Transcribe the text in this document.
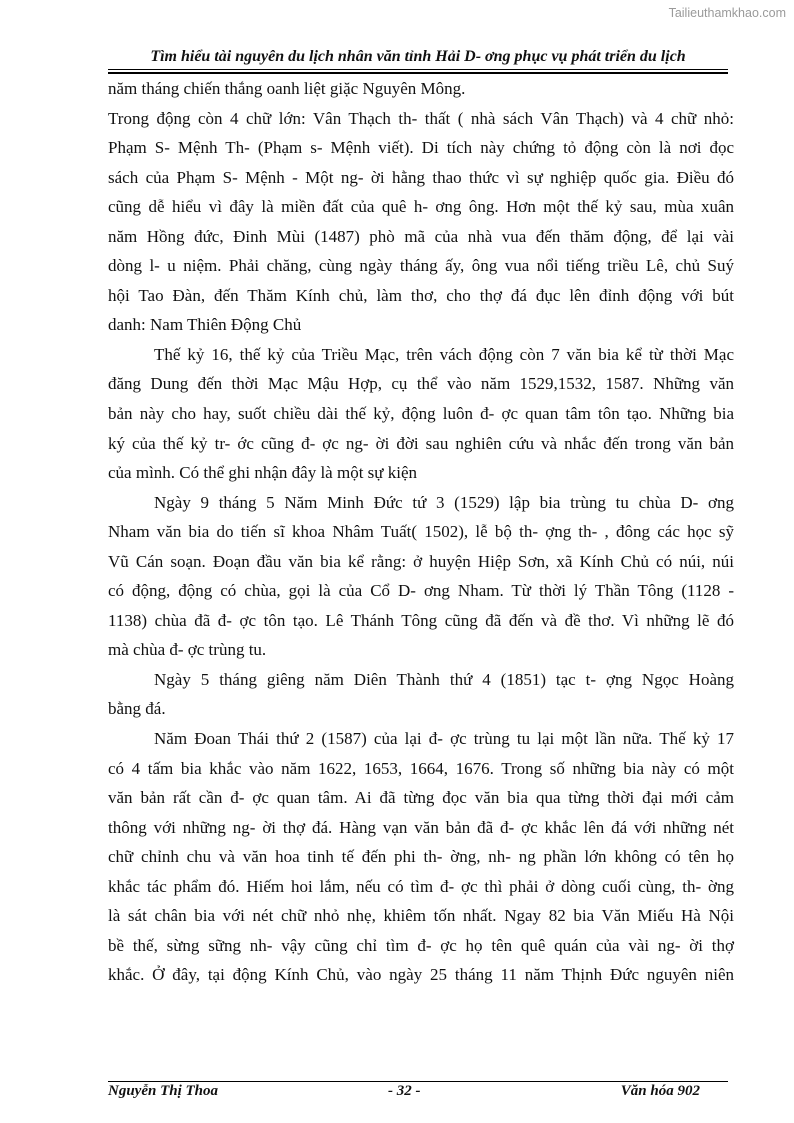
Tailieuthamkhao.com
Tìm hiểu tài nguyên du lịch nhân văn tỉnh Hải D- ơng phục vụ phát triển du lịch
năm tháng chiến thắng oanh liệt giặc Nguyên Mông.
Trong động còn 4 chữ lớn: Vân Thạch th- thất ( nhà sách Vân Thạch) và 4 chữ nhỏ:
Phạm S- Mệnh Th- (Phạm s- Mệnh viết). Di tích này chứng tỏ động còn là nơi đọc
sách của Phạm S- Mệnh - Một ng- ời hằng thao thức vì sự nghiệp quốc gia. Điều đó
cũng dễ hiểu vì đây là miền đất của quê h- ơng ông. Hơn một thế kỷ sau, mùa xuân
năm Hồng đức, Đinh Mùi (1487) phò mã của nhà vua đến thăm động, để lại vài
dòng l- u niệm. Phải chăng, cùng ngày tháng ấy, ông vua nổi tiếng triều Lê, chủ Suý
hội Tao Đàn, đến Thăm Kính chủ, làm thơ, cho thợ đá đục lên đỉnh động với bút
danh: Nam Thiên Động Chủ
Thế kỷ 16, thế kỷ của Triều Mạc, trên vách động còn 7 văn bia kể từ thời Mạc
đăng Dung đến thời Mạc Mậu Hợp, cụ thể vào năm 1529,1532, 1587. Những văn
bản này cho hay, suốt chiều dài thế kỷ, động luôn đ- ợc quan tâm tôn tạo. Những bia
ký của thế kỷ tr- ớc cũng đ- ợc ng- ời đời sau nghiên cứu và nhắc đến trong văn bản
của mình. Có thể ghi nhận đây là một sự kiện
Ngày 9 tháng 5 Năm Minh Đức tứ 3 (1529) lập bia trùng tu chùa D- ơng
Nham văn bia do tiến sĩ khoa Nhâm Tuất( 1502), lễ bộ th- ợng th- , đông các học sỹ
Vũ Cán soạn. Đoạn đầu văn bia kể rằng: ở huyện Hiệp Sơn, xã Kính Chủ có núi, núi
có động, động có chùa, gọi là của Cổ D- ơng Nham. Từ thời lý Thần Tông (1128 -
1138) chùa đã đ- ợc tôn tạo. Lê Thánh Tông cũng đã đến và đề thơ. Vì những lẽ đó
mà chùa đ- ợc trùng tu.
Ngày 5 tháng giêng năm Diên Thành thứ 4 (1851) tạc t- ợng Ngọc Hoàng
bằng đá.
Năm Đoan Thái thứ 2 (1587) của lại đ- ợc trùng tu lại một lần nữa. Thế kỷ 17
có 4 tấm bia khắc vào năm 1622, 1653, 1664, 1676. Trong số những bia này có một
văn bản rất cần đ- ợc quan tâm. Ai đã từng đọc văn bia qua từng thời đại mới cảm
thông với những ng- ời thợ đá. Hàng vạn văn bản đã đ- ợc khắc lên đá với những nét
chữ chỉnh chu và văn hoa tinh tế đến phi th- ờng, nh- ng phần lớn không có tên họ
khắc tác phẩm đó. Hiếm hoi lắm, nếu có tìm đ- ợc thì phải ở dòng cuối cùng, th- ờng
là sát chân bia với nét chữ nhỏ nhẹ, khiêm tốn nhất. Ngay 82 bia Văn Miếu Hà Nội
bề thế, sừng sững nh- vậy cũng chỉ tìm đ- ợc họ tên quê quán của vài ng- ời thợ
khắc. Ở đây, tại động Kính Chủ, vào ngày 25 tháng 11 năm Thịnh Đức nguyên niên
Nguyễn Thị Thoa	- 32 -	Văn hóa 902
